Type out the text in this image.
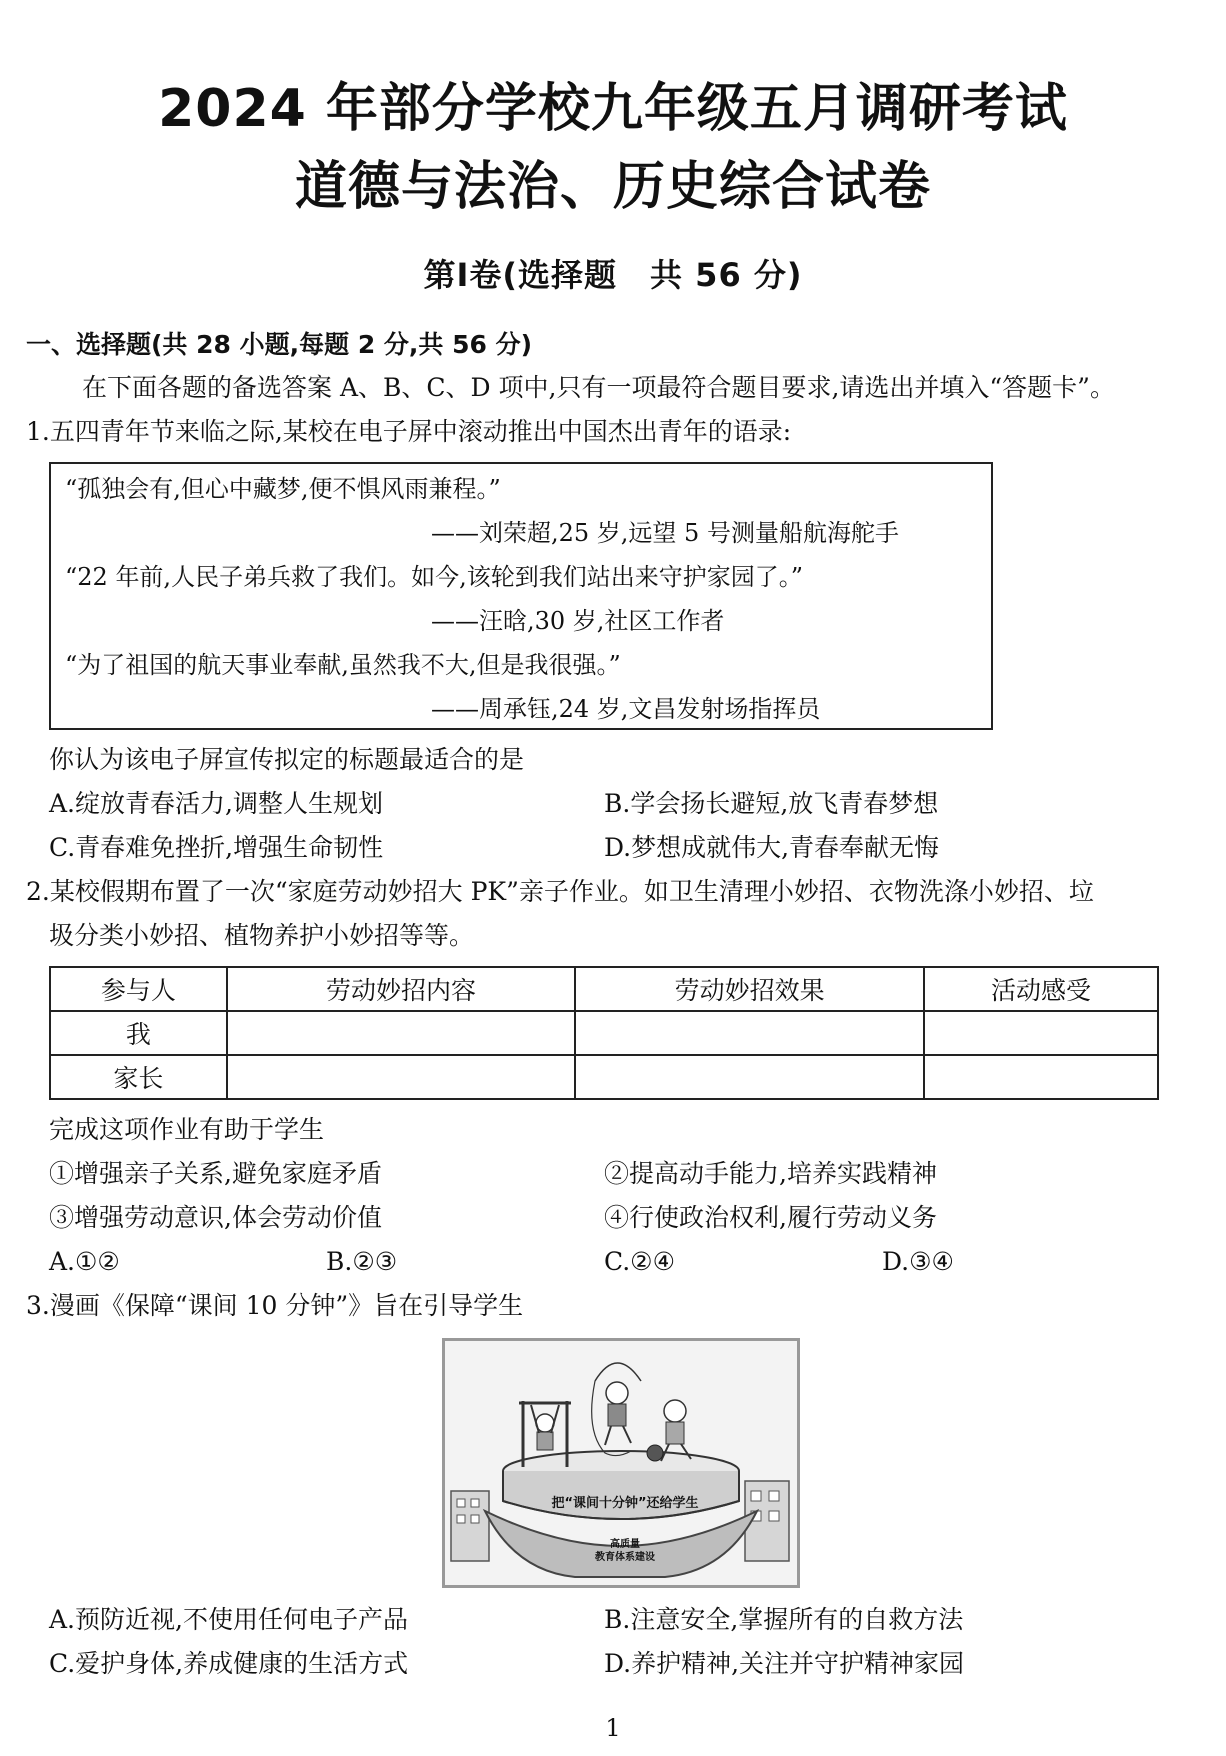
2024 年部分学校九年级五月调研考试
道德与法治、历史综合试卷
第Ⅰ卷(选择题　共 56 分)
一、选择题(共 28 小题,每题 2 分,共 56 分)
在下面各题的备选答案 A、B、C、D 项中,只有一项最符合题目要求,请选出并填入“答题卡”。
1.五四青年节来临之际,某校在电子屏中滚动推出中国杰出青年的语录:
“孤独会有,但心中藏梦,便不惧风雨兼程。”
——刘荣超,25 岁,远望 5 号测量船航海舵手
“22 年前,人民子弟兵救了我们。如今,该轮到我们站出来守护家园了。”
——汪晗,30 岁,社区工作者
“为了祖国的航天事业奉献,虽然我不大,但是我很强。”
——周承钰,24 岁,文昌发射场指挥员
你认为该电子屏宣传拟定的标题最适合的是
A.绽放青春活力,调整人生规划	B.学会扬长避短,放飞青春梦想
C.青春难免挫折,增强生命韧性	D.梦想成就伟大,青春奉献无悔
2.某校假期布置了一次“家庭劳动妙招大 PK”亲子作业。如卫生清理小妙招、衣物洗涤小妙招、垃
圾分类小妙招、植物养护小妙招等等。
参与人	劳动妙招内容	劳动妙招效果	活动感受
我			
家长			
完成这项作业有助于学生
①增强亲子关系,避免家庭矛盾	②提高动手能力,培养实践精神
③增强劳动意识,体会劳动价值	④行使政治权利,履行劳动义务
A.①②	B.②③	C.②④	D.③④
3.漫画《保障“课间 10 分钟”》旨在引导学生
把“课间十分钟”还给学生
高质量
教育体系建设
A.预防近视,不使用任何电子产品	B.注意安全,掌握所有的自救方法
C.爱护身体,养成健康的生活方式	D.养护精神,关注并守护精神家园
1
